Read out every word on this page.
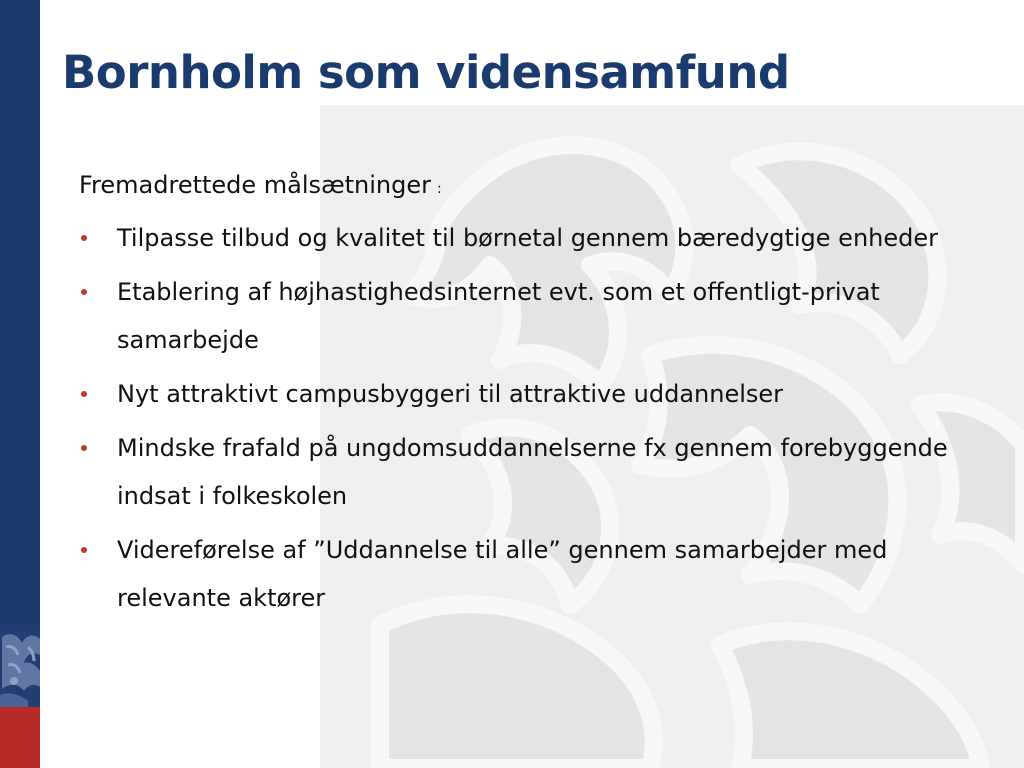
Bornholm som vidensamfund

Fremadrettede målsætninger :

Tilpasse tilbud og kvalitet til børnetal gennem bæredygtige enheder
Etablering af højhastighedsinternet evt. som et offentligt-privat samarbejde
Nyt attraktivt campusbyggeri til attraktive uddannelser
Mindske frafald på ungdomsuddannelserne fx gennem forebyggende indsat i folkeskolen
Videreførelse af ”Uddannelse til alle” gennem samarbejder med relevante aktører
